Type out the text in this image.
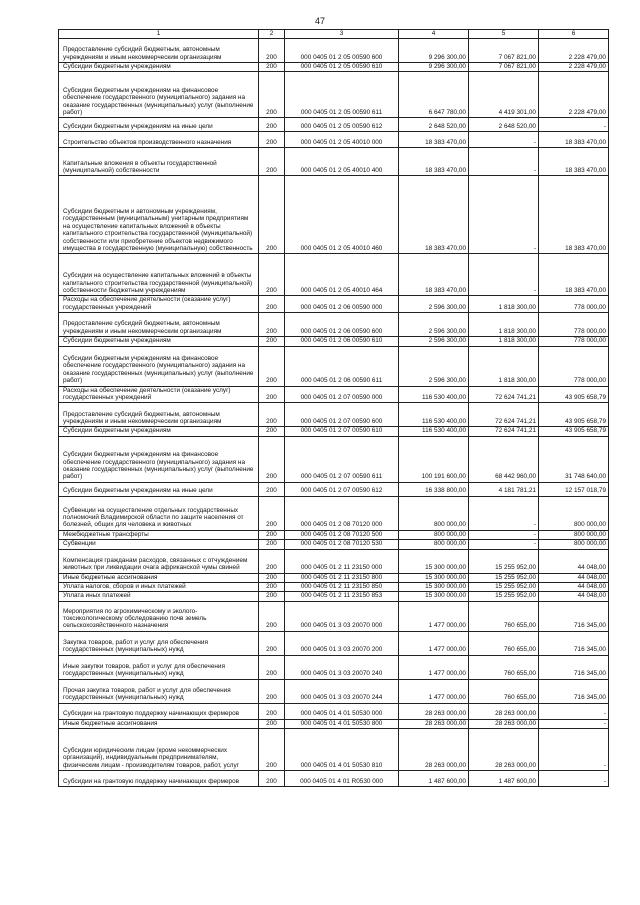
47
1	2	3	4	5	6
Предоставление субсидий бюджетным, автономным учреждениям и иным некоммерческим организациям	200	000 0405 01 2 05 00590 600	9 296 300,00	7 067 821,00	2 228 479,00
Субсидии бюджетным учреждениям	200	000 0405 01 2 05 00590 610	9 296 300,00	7 067 821,00	2 228 479,00
Субсидии бюджетным учреждениям на финансовое обеспечение государственного (муниципального) задания на оказание государственных (муниципальных) услуг (выполнение работ)	200	000 0405 01 2 05 00590 611	6 647 780,00	4 419 301,00	2 228 479,00
Субсидии бюджетным учреждениям на иные цели	200	000 0405 01 2 05 00590 612	2 648 520,00	2 648 520,00	-
Строительство объектов производственного назначения	200	000 0405 01 2 05 40010 000	18 383 470,00	-	18 383 470,00
Капитальные вложения в объекты государственной (муниципальной) собственности	200	000 0405 01 2 05 40010 400	18 383 470,00	-	18 383 470,00
Субсидии бюджетным и автономным учреждениям, государственным (муниципальным) унитарным предприятиям на осуществление капитальных вложений в объекты капитального строительства государственной (муниципальной) собственности или приобретение объектов недвижимого имущества в государственную (муниципальную) собственность	200	000 0405 01 2 05 40010 460	18 383 470,00	-	18 383 470,00
Субсидии на осуществление капитальных вложений в объекты капитального строительства государственной (муниципальной) собственности бюджетным учреждениям	200	000 0405 01 2 05 40010 464	18 383 470,00	-	18 383 470,00
Расходы на обеспечение деятельности (оказание услуг) государственных учреждений	200	000 0405 01 2 06 00590 000	2 596 300,00	1 818 300,00	778 000,00
Предоставление субсидий бюджетным, автономным учреждениям и иным некоммерческим организациям	200	000 0405 01 2 06 00590 600	2 596 300,00	1 818 300,00	778 000,00
Субсидии бюджетным учреждениям	200	000 0405 01 2 06 00590 610	2 596 300,00	1 818 300,00	778 000,00
Субсидии бюджетным учреждениям на финансовое обеспечение государственного (муниципального) задания на оказание государственных (муниципальных) услуг (выполнение работ)	200	000 0405 01 2 06 00590 611	2 596 300,00	1 818 300,00	778 000,00
Расходы на обеспечение деятельности (оказание услуг) государственных учреждений	200	000 0405 01 2 07 00590 000	116 530 400,00	72 624 741,21	43 905 658,79
Предоставление субсидий бюджетным, автономным учреждениям и иным некоммерческим организациям	200	000 0405 01 2 07 00590 600	116 530 400,00	72 624 741,21	43 905 658,79
Субсидии бюджетным учреждениям	200	000 0405 01 2 07 00590 610	116 530 400,00	72 624 741,21	43 905 658,79
Субсидии бюджетным учреждениям на финансовое обеспечение государственного (муниципального) задания на оказание государственных (муниципальных) услуг (выполнение работ)	200	000 0405 01 2 07 00590 611	100 191 600,00	68 442 960,00	31 748 640,00
Субсидии бюджетным учреждениям на иные цели	200	000 0405 01 2 07 00590 612	16 338 800,00	4 181 781,21	12 157 018,79
Субвенции на осуществление отдельных государственных полномочий Владимирской области по защите населения от болезней, общих для человека и животных	200	000 0405 01 2 08 70120 000	800 000,00	-	800 000,00
Межбюджетные трансферты	200	000 0405 01 2 08 70120 500	800 000,00	-	800 000,00
Субвенции	200	000 0405 01 2 08 70120 530	800 000,00	-	800 000,00
Компенсация гражданам расходов, связанных с отчуждением животных при ликвидации очага африканской чумы свиней	200	000 0405 01 2 11 23150 000	15 300 000,00	15 255 952,00	44 048,00
Иные бюджетные ассигнования	200	000 0405 01 2 11 23150 800	15 300 000,00	15 255 952,00	44 048,00
Уплата налогов, сборов и иных платежей	200	000 0405 01 2 11 23150 850	15 300 000,00	15 255 952,00	44 048,00
Уплата иных платежей	200	000 0405 01 2 11 23150 853	15 300 000,00	15 255 952,00	44 048,00
Мероприятия по агрохимическому и эколого-токсикологическому обследованию почв земель сельскохозяйственного назначения	200	000 0405 01 3 03 20070 000	1 477 000,00	760 655,00	716 345,00
Закупка товаров, работ и услуг для обеспечения государственных (муниципальных) нужд	200	000 0405 01 3 03 20070 200	1 477 000,00	760 655,00	716 345,00
Иные закупки товаров, работ и услуг для обеспечения государственных (муниципальных) нужд	200	000 0405 01 3 03 20070 240	1 477 000,00	760 655,00	716 345,00
Прочая закупка товаров, работ и услуг для обеспечения государственных (муниципальных) нужд	200	000 0405 01 3 03 20070 244	1 477 000,00	760 655,00	716 345,00
Субсидии на грантовую поддержку начинающих фермеров	200	000 0405 01 4 01 50530 000	28 263 000,00	28 263 000,00	-
Иные бюджетные ассигнования	200	000 0405 01 4 01 50530 800	28 263 000,00	28 263 000,00	-
Субсидии юридическим лицам (кроме некоммерческих организаций), индивидуальным предпринимателям, физическим лицам - производителям товаров, работ, услуг	200	000 0405 01 4 01 50530 810	28 263 000,00	28 263 000,00	-
Субсидии на грантовую поддержку начинающих фермеров	200	000 0405 01 4 01 R0530 000	1 487 600,00	1 487 600,00	-
